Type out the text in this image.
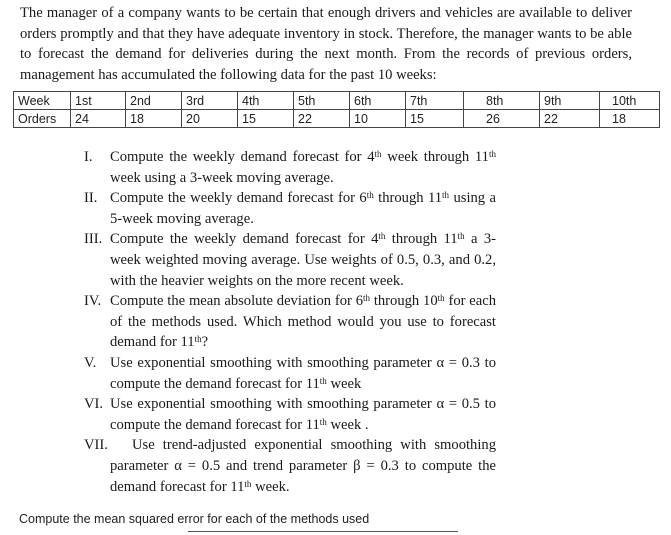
The manager of a company wants to be certain that enough drivers and vehicles are available to deliver orders promptly and that they have adequate inventory in stock. Therefore, the manager wants to be able to forecast the demand for deliveries during the next month. From the records of previous orders, management has accumulated the following data for the past 10 weeks:

Week	1st	2nd	3rd	4th	5th	6th	7th	8th	9th	10th
Orders	24	18	20	15	22	10	15	26	22	18
I. Compute the weekly demand forecast for 4th week through 11th week using a 3-week moving average.
II. Compute the weekly demand forecast for 6th through 11th using a 5-week moving average.
III. Compute the weekly demand forecast for 4th through 11th a 3-week weighted moving average. Use weights of 0.5, 0.3, and 0.2, with the heavier weights on the more recent week.
IV. Compute the mean absolute deviation for 6th through 10th for each of the methods used. Which method would you use to forecast demand for 11th?
V. Use exponential smoothing with smoothing parameter α = 0.3 to compute the demand forecast for 11th week
VI. Use exponential smoothing with smoothing parameter α = 0.5 to compute the demand forecast for 11th week .
VII.	Use trend-adjusted exponential smoothing with smoothing parameter α = 0.5 and trend parameter β = 0.3 to compute the demand forecast for 11th week.

Compute the mean squared error for each of the methods used
